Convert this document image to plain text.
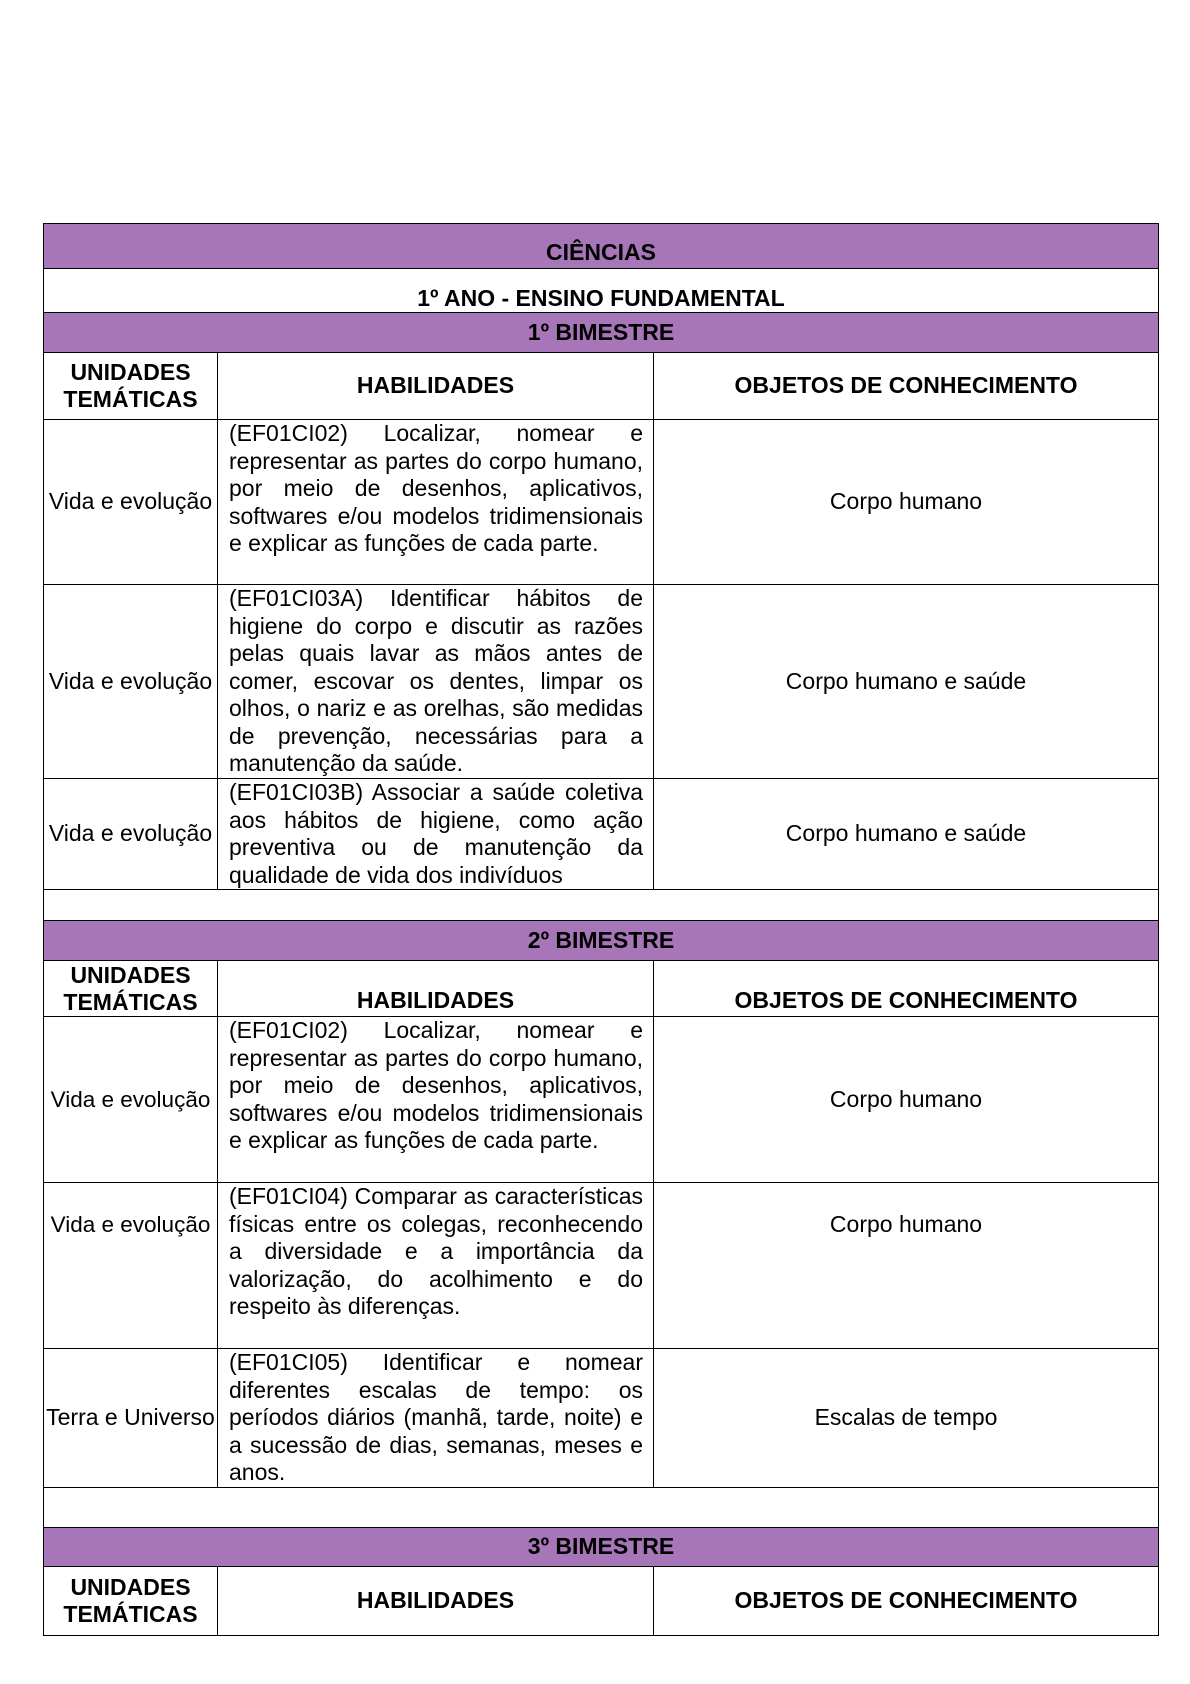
CIÊNCIAS		
1º ANO - ENSINO FUNDAMENTAL		
1º BIMESTRE		
UNIDADES TEMÁTICAS	HABILIDADES	OBJETOS DE CONHECIMENTO
Vida e evolução	(EF01CI02) Localizar, nomear e representar as partes do corpo humano, por meio de desenhos, aplicativos, softwares e/ou modelos tridimensionais e explicar as funções de cada parte.	Corpo humano
Vida e evolução	(EF01CI03A) Identificar hábitos de higiene do corpo e discutir as razões pelas quais lavar as mãos antes de comer, escovar os dentes, limpar os olhos, o nariz e as orelhas, são medidas de prevenção, necessárias para a manutenção da saúde.	Corpo humano e saúde
Vida e evolução	(EF01CI03B) Associar a saúde coletiva aos hábitos de higiene, como ação preventiva ou de manutenção da qualidade de vida dos indivíduos	Corpo humano e saúde

2º BIMESTRE		
UNIDADES TEMÁTICAS	HABILIDADES	OBJETOS DE CONHECIMENTO
Vida e evolução	(EF01CI02) Localizar, nomear e representar as partes do corpo humano, por meio de desenhos, aplicativos, softwares e/ou modelos tridimensionais e explicar as funções de cada parte.	Corpo humano
Vida e evolução	(EF01CI04) Comparar as características físicas entre os colegas, reconhecendo a diversidade e a importância da valorização, do acolhimento e do respeito às diferenças.	Corpo humano
Terra e Universo	(EF01CI05) Identificar e nomear diferentes escalas de tempo: os períodos diários (manhã, tarde, noite) e a sucessão de dias, semanas, meses e anos.	Escalas de tempo

3º BIMESTRE		
UNIDADES TEMÁTICAS	HABILIDADES	OBJETOS DE CONHECIMENTO
